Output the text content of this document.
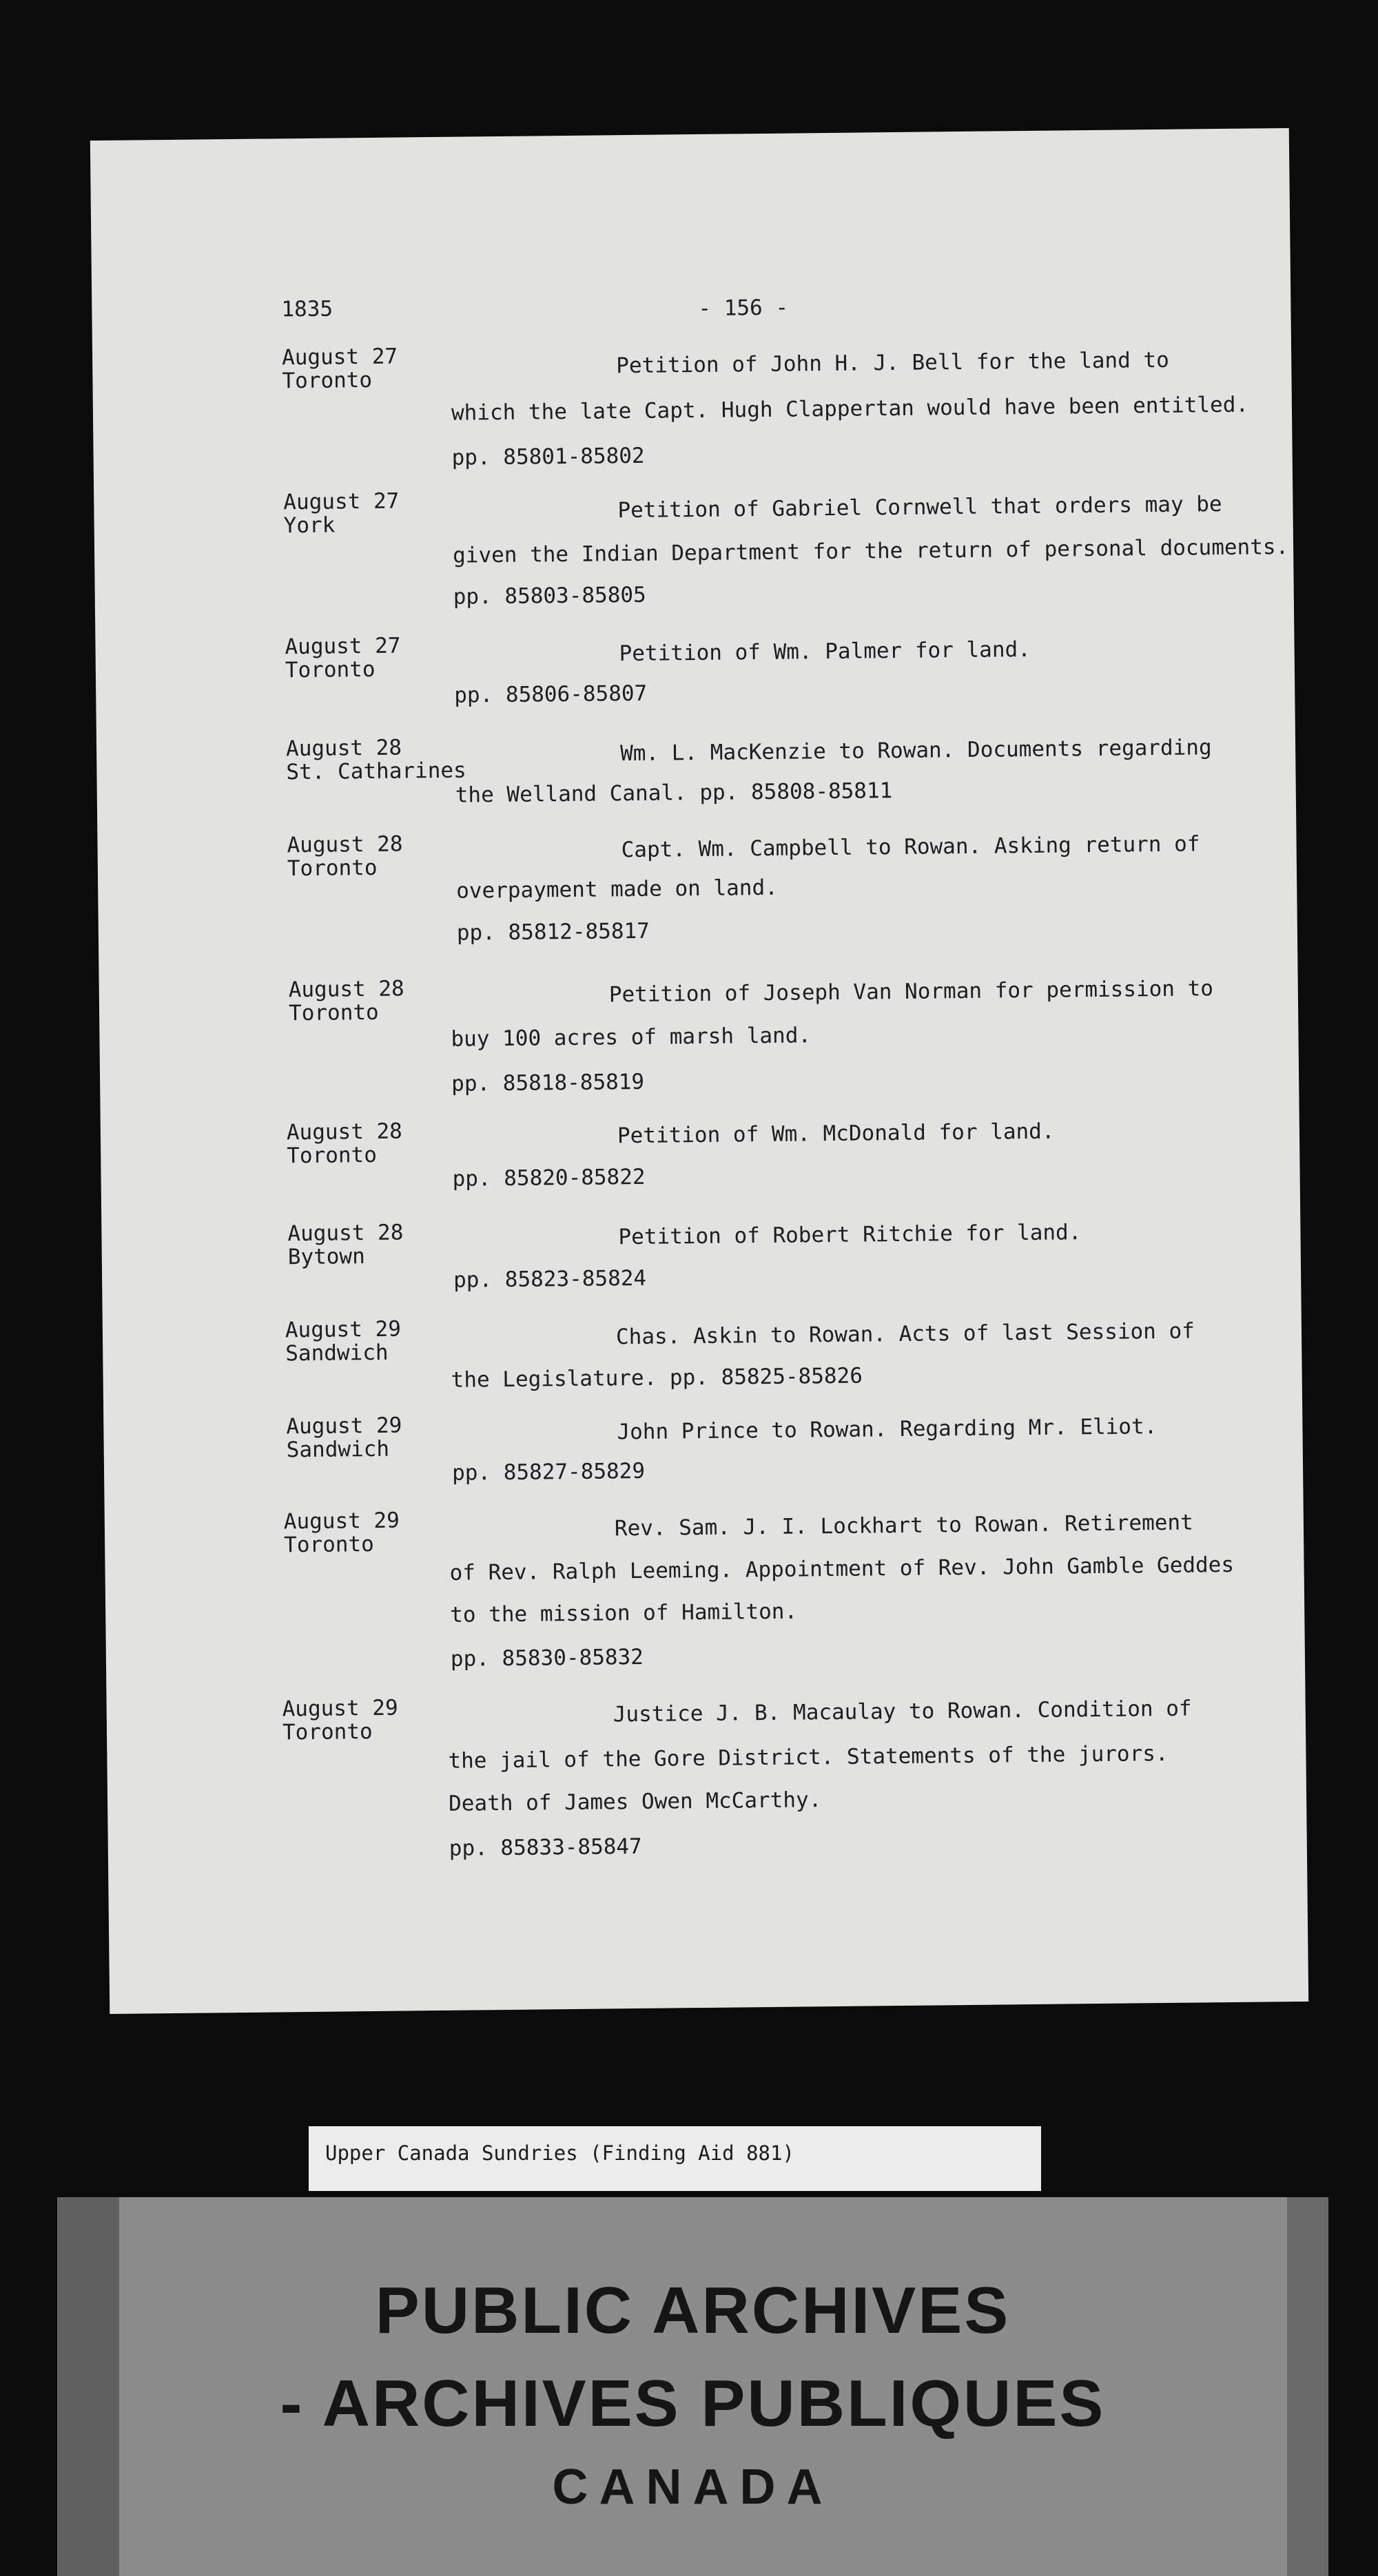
1835	- 156 -
August 27
Toronto
Petition of John H. J. Bell for the land to
which the late Capt. Hugh Clappertan would have been entitled.
pp. 85801-85802
August 27
York
Petition of Gabriel Cornwell that orders may be
given the Indian Department for the return of personal documents.
pp. 85803-85805
August 27
Toronto
Petition of Wm. Palmer for land.
pp. 85806-85807
August 28
St. Catharines
Wm. L. MacKenzie to Rowan. Documents regarding
the Welland Canal. pp. 85808-85811
August 28
Toronto
Capt. Wm. Campbell to Rowan. Asking return of
overpayment made on land.
pp. 85812-85817
August 28
Toronto
Petition of Joseph Van Norman for permission to
buy 100 acres of marsh land.
pp. 85818-85819
August 28
Toronto
Petition of Wm. McDonald for land.
pp. 85820-85822
August 28
Bytown
Petition of Robert Ritchie for land.
pp. 85823-85824
August 29
Sandwich
Chas. Askin to Rowan. Acts of last Session of
the Legislature. pp. 85825-85826
August 29
Sandwich
John Prince to Rowan. Regarding Mr. Eliot.
pp. 85827-85829
August 29
Toronto
Rev. Sam. J. I. Lockhart to Rowan. Retirement
of Rev. Ralph Leeming. Appointment of Rev. John Gamble Geddes
to the mission of Hamilton.
pp. 85830-85832
August 29
Toronto
Justice J. B. Macaulay to Rowan. Condition of
the jail of the Gore District. Statements of the jurors.
Death of James Owen McCarthy.
pp. 85833-85847
Upper Canada Sundries (Finding Aid 881)
PUBLIC ARCHIVES
- ARCHIVES PUBLIQUES
CANADA
